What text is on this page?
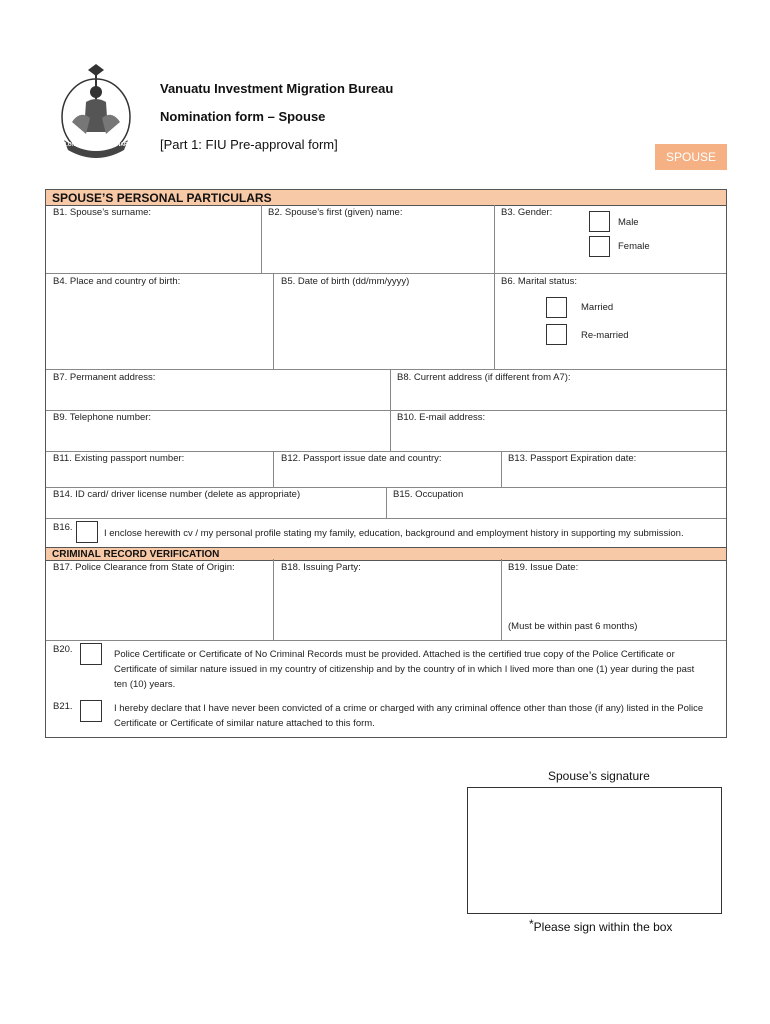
LONG GOD YUMI STANAP
Vanuatu Investment Migration Bureau
Nomination form – Spouse
[Part 1: FIU Pre-approval form]
SPOUSE
SPOUSE’S PERSONAL PARTICULARS
B1. Spouse’s surname:	B2. Spouse’s first (given) name:	B3. Gender:
Male
Female
B4. Place and country of birth:	B5. Date of birth (dd/mm/yyyy)	B6. Marital status:
Married
Re-married
B7. Permanent address:	B8. Current address (if different from A7):
B9. Telephone number:	B10. E-mail address:
B11. Existing passport number:	B12. Passport issue date and country:	B13. Passport Expiration date:
B14. ID card/ driver license number (delete as appropriate)	B15. Occupation
B16.
I enclose herewith cv / my personal profile stating my family, education, background and employment history in supporting my submission.
CRIMINAL RECORD VERIFICATION
B17. Police Clearance from State of Origin:	B18. Issuing Party:	B19. Issue Date:
(Must be within past 6 months)
B20.	Police Certificate or Certificate of No Criminal Records must be provided. Attached is the certified true copy of the Police Certificate or Certificate of similar nature issued in my country of citizenship and by the country of in which I lived more than one (1) year during the past ten (10) years.
B21.	I hereby declare that I have never been convicted of a crime or charged with any criminal offence other than those (if any) listed in the Police Certificate or Certificate of similar nature attached to this form.
Spouse’s signature
*Please sign within the box
